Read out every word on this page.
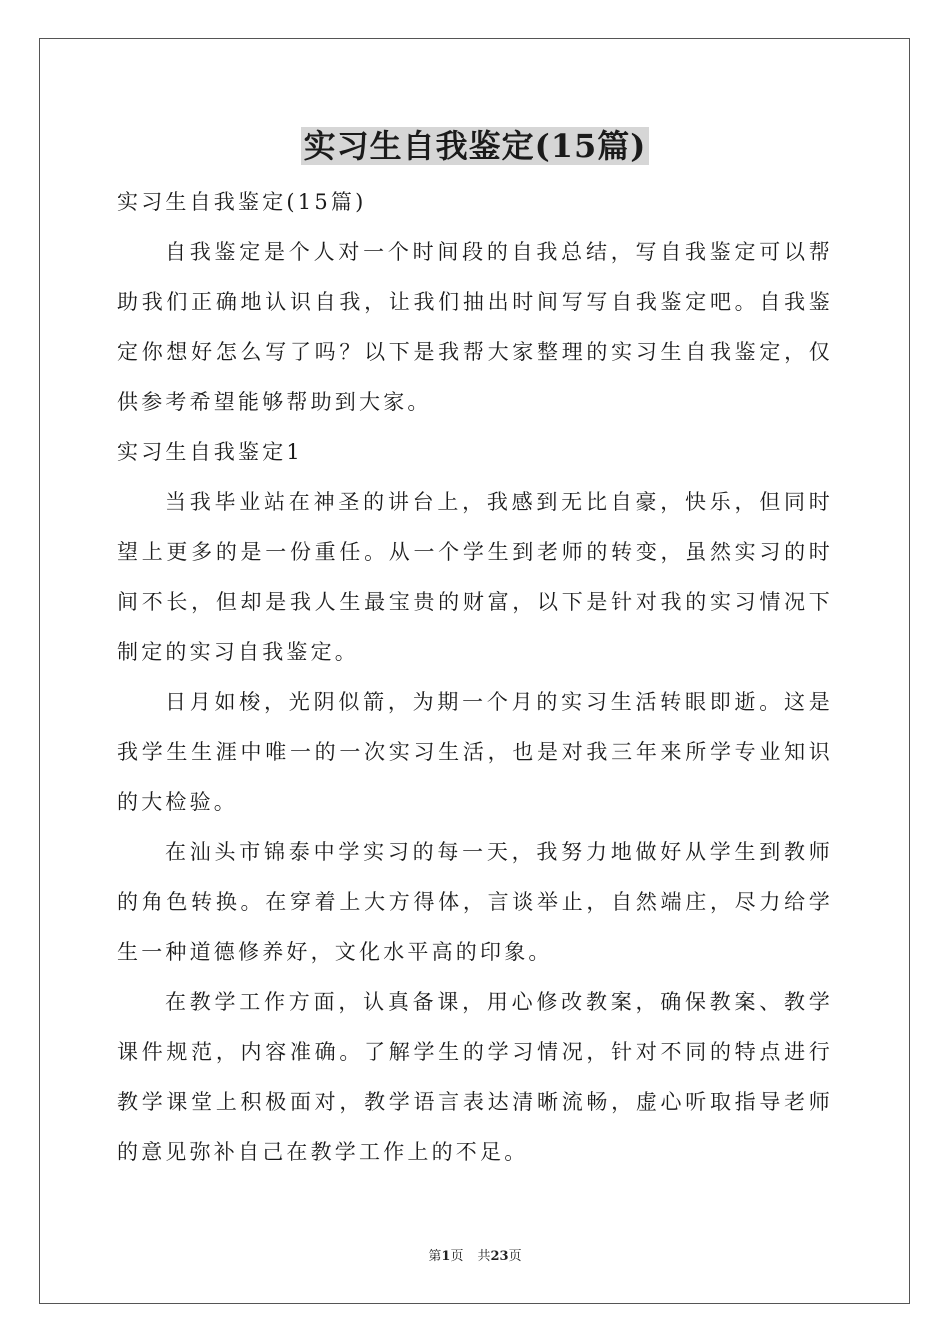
实习生自我鉴定(15篇)

实习生自我鉴定(15篇)

自我鉴定是个人对一个时间段的自我总结，写自我鉴定可以帮助我们正确地认识自我，让我们抽出时间写写自我鉴定吧。自我鉴定你想好怎么写了吗？以下是我帮大家整理的实习生自我鉴定，仅供参考希望能够帮助到大家。

实习生自我鉴定1

当我毕业站在神圣的讲台上，我感到无比自豪，快乐，但同时望上更多的是一份重任。从一个学生到老师的转变，虽然实习的时间不长，但却是我人生最宝贵的财富，以下是针对我的实习情况下制定的实习自我鉴定。

日月如梭，光阴似箭，为期一个月的实习生活转眼即逝。这是我学生生涯中唯一的一次实习生活，也是对我三年来所学专业知识的大检验。

在汕头市锦泰中学实习的每一天，我努力地做好从学生到教师的角色转换。在穿着上大方得体，言谈举止，自然端庄，尽力给学生一种道德修养好，文化水平高的印象。

在教学工作方面，认真备课，用心修改教案，确保教案、教学课件规范，内容准确。了解学生的学习情况，针对不同的特点进行教学课堂上积极面对，教学语言表达清晰流畅，虚心听取指导老师的意见弥补自己在教学工作上的不足。

第1页 共23页
